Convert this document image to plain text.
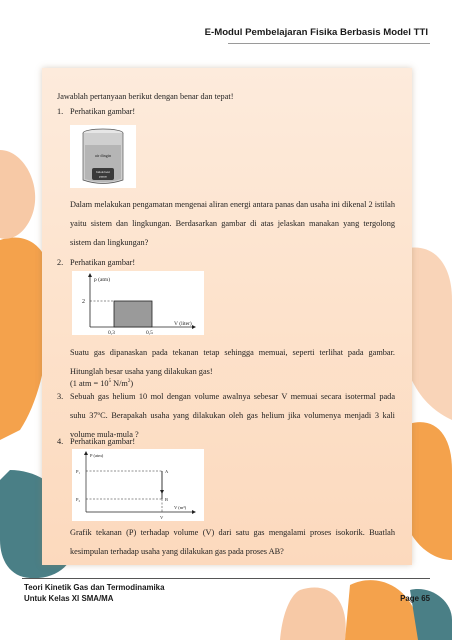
E-Modul Pembelajaran Fisika Berbasis Model TTI
Jawablah pertanyaan berikut dengan benar dan tepat!
1. Perhatikan gambar!
air dingin
balok besi
panas
Dalam melakukan pengamatan mengenai aliran energi antara panas dan usaha ini dikenal 2 istilah yaitu sistem dan lingkungan. Berdasarkan gambar di atas jelaskan manakan yang tergolong sistem dan lingkungan?
2. Perhatikan gambar!
p (atm)
V (liter)
2
0,3	0,5
Suatu gas dipanaskan pada tekanan tetap sehingga memuai, seperti terlihat pada gambar. Hitunglah besar usaha yang dilakukan gas!
(1 atm = $10^5$ $N/m^2$)
3. Sebuah gas helium 10 mol dengan volume awalnya sebesar V memuai secara isotermal pada suhu 37ºC. Berapakah usaha yang dilakukan oleh gas helium jika volumenya menjadi 3 kali volume mula-mula ?
4. Perhatikan gambar!
P (atm)
V (m³)
P₁
P₂
A
B
V
Grafik tekanan (P) terhadap volume (V) dari satu gas mengalami proses isokorik. Buatlah kesimpulan terhadap usaha yang dilakukan gas pada proses AB?
Teori Kinetik Gas dan Termodinamika
Untuk Kelas XI SMA/MA	Page 65
